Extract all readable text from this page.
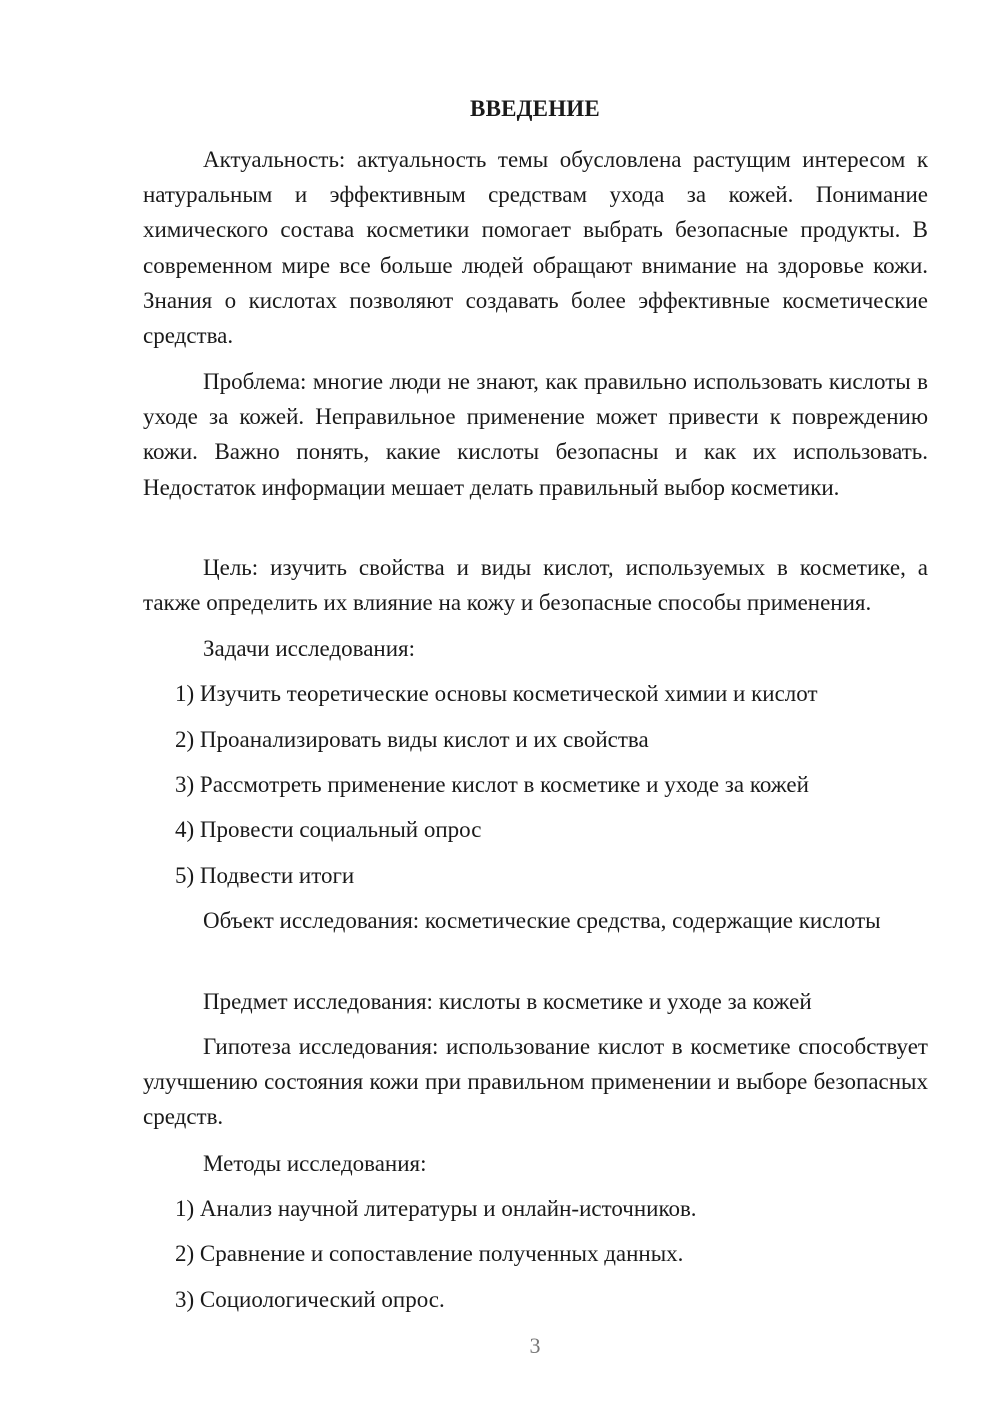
ВВЕДЕНИЕ
Актуальность: актуальность темы обусловлена растущим интересом к натуральным и эффективным средствам ухода за кожей. Понимание химического состава косметики помогает выбрать безопасные продукты. В современном мире все больше людей обращают внимание на здоровье кожи. Знания о кислотах позволяют создавать более эффективные косметические средства.
Проблема: многие люди не знают, как правильно использовать кислоты в уходе за кожей. Неправильное применение может привести к повреждению кожи. Важно понять, какие кислоты безопасны и как их использовать. Недостаток информации мешает делать правильный выбор косметики.
Цель: изучить свойства и виды кислот, используемых в косметике, а также определить их влияние на кожу и безопасные способы применения.
Задачи исследования:
1) Изучить теоретические основы косметической химии и кислот
2) Проанализировать виды кислот и их свойства
3) Рассмотреть применение кислот в косметике и уходе за кожей
4) Провести социальный опрос
5) Подвести итоги
Объект исследования: косметические средства, содержащие кислоты
Предмет исследования: кислоты в косметике и уходе за кожей
Гипотеза исследования: использование кислот в косметике способствует улучшению состояния кожи при правильном применении и выборе безопасных средств.
Методы исследования:
1) Анализ научной литературы и онлайн-источников.
2) Сравнение и сопоставление полученных данных.
3) Социологический опрос.
3
